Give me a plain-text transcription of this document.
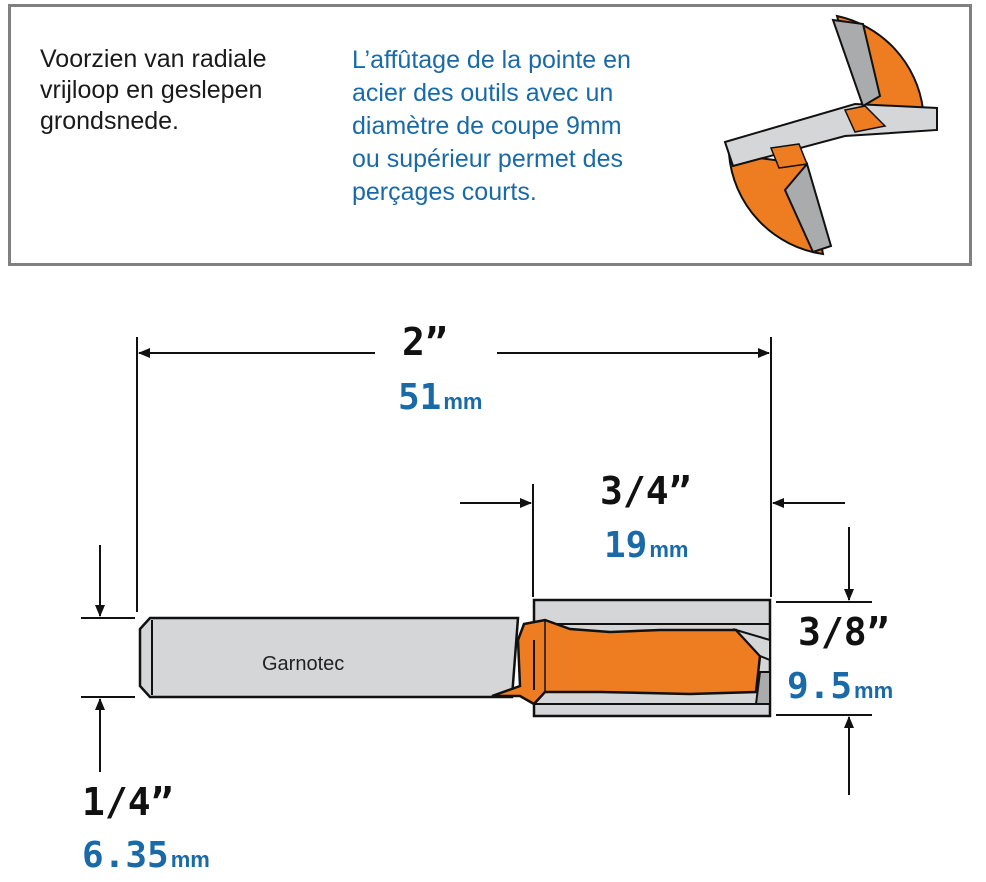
Voorzien van radiale
vrijloop en geslepen
grondsnede.
L’affûtage de la pointe en
acier des outils avec un
diamètre de coupe 9mm
ou supérieur permet des
perçages courts.
Garnotec
2”
51mm
3/4”
19mm
3/8”
9.5mm
1/4”
6.35mm
